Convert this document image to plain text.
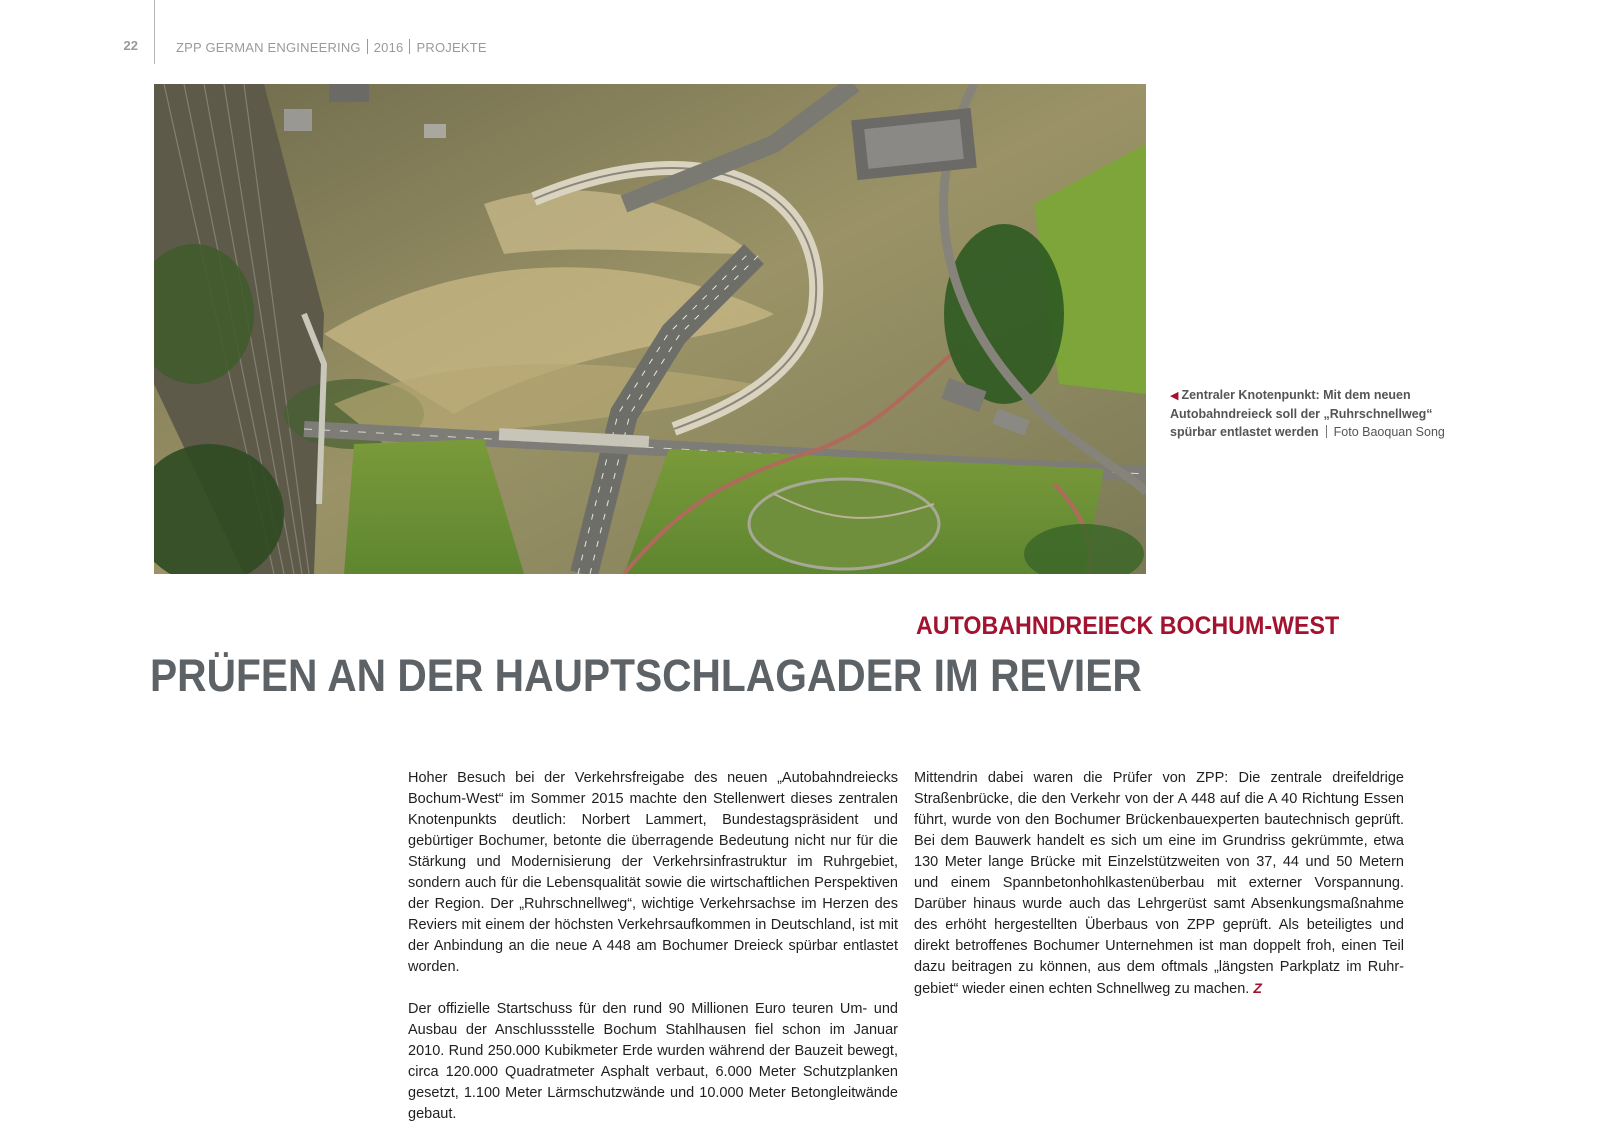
22	ZPP GERMAN ENGINEERING 2016 PROJEKTE
◀ Zentraler Knotenpunkt: Mit dem neuen Autobahndreieck soll der „Ruhrschnellweg“ spürbar entlastet werden Foto Baoquan Song
AUTOBAHNDREIECK BOCHUM-WEST
PRÜFEN AN DER HAUPTSCHLAGADER IM REVIER

Hoher Besuch bei der Verkehrsfreigabe des neuen „Autobahndreiecks Bochum-West“ im Sommer 2015 machte den Stellenwert dieses zentralen Knotenpunkts deutlich: Norbert Lammert, Bundestagspräsident und gebürtiger Bochumer, betonte die überragende Bedeutung nicht nur für die Stärkung und Modernisierung der Verkehrsinfrastruktur im Ruhrgebiet, sondern auch für die Lebensqualität sowie die wirtschaftlichen Perspektiven der Region. Der „Ruhrschnellweg“, wichtige Verkehrsachse im Herzen des Reviers mit einem der höchsten Verkehrsaufkommen in Deutschland, ist mit der Anbindung an die neue A 448 am Bochumer Dreieck spürbar entlastet worden.

Der offizielle Startschuss für den rund 90 Millionen Euro teuren Um- und Ausbau der Anschlussstelle Bochum Stahlhausen fiel schon im Januar 2010. Rund 250.000 Kubikmeter Erde wurden während der Bauzeit bewegt, circa 120.000 Quadratmeter Asphalt verbaut, 6.000 Meter Schutzplanken gesetzt, 1.100 Meter Lärmschutzwände und 10.000 Meter Betongleitwände gebaut.

Mittendrin dabei waren die Prüfer von ZPP: Die zentrale dreifeldrige Straßenbrücke, die den Verkehr von der A 448 auf die A 40 Richtung Essen führt, wurde von den Bochumer Brückenbauexperten bautechnisch geprüft. Bei dem Bauwerk handelt es sich um eine im Grundriss gekrümmte, etwa 130 Meter lange Brücke mit Einzelstützweiten von 37, 44 und 50 Metern und einem Spannbetonhohlkastenüberbau mit externer Vorspannung. Darüber hinaus wurde auch das Lehrgerüst samt Absenkungsmaßnahme des erhöht hergestellten Überbaus von ZPP geprüft. Als beteiligtes und direkt betroffenes Bochumer Unternehmen ist man doppelt froh, einen Teil dazu beitragen zu können, aus dem oftmals „längsten Parkplatz im Ruhrgebiet“ wieder einen echten Schnellweg zu machen. Z
